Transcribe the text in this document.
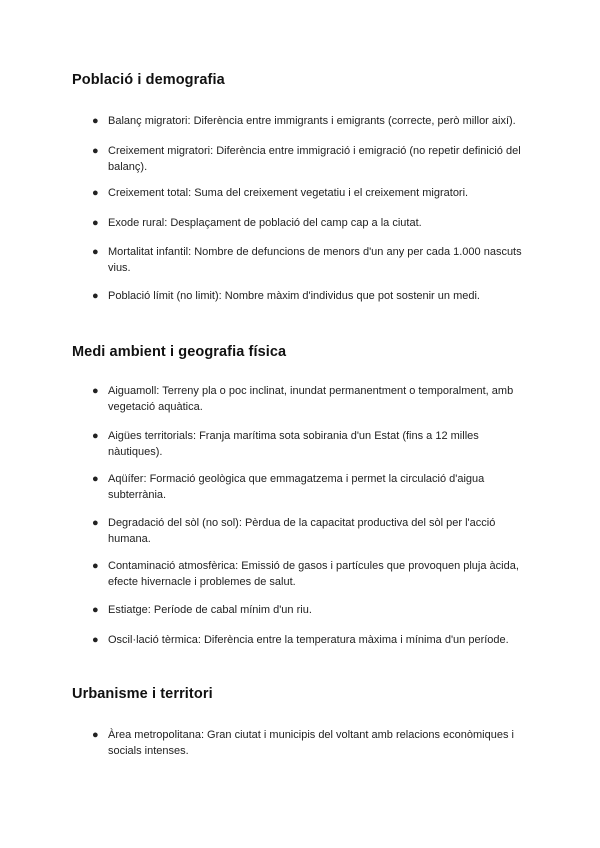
Població i demografia
● Balanç migratori: Diferència entre immigrants i emigrants (correcte, però millor així).
● Creixement migratori: Diferència entre immigració i emigració (no repetir definició del balanç).
● Creixement total: Suma del creixement vegetatiu i el creixement migratori.
● Exode rural: Desplaçament de població del camp cap a la ciutat.
● Mortalitat infantil: Nombre de defuncions de menors d'un any per cada 1.000 nascuts vius.
● Població límit (no limit): Nombre màxim d'individus que pot sostenir un medi.
Medi ambient i geografia física
● Aiguamoll: Terreny pla o poc inclinat, inundat permanentment o temporalment, amb vegetació aquàtica.
● Aigües territorials: Franja marítima sota sobirania d'un Estat (fins a 12 milles nàutiques).
● Aqüífer: Formació geològica que emmagatzema i permet la circulació d'aigua subterrània.
● Degradació del sòl (no sol): Pèrdua de la capacitat productiva del sòl per l'acció humana.
● Contaminació atmosfèrica: Emissió de gasos i partícules que provoquen pluja àcida, efecte hivernacle i problemes de salut.
● Estiatge: Període de cabal mínim d'un riu.
● Oscil·lació tèrmica: Diferència entre la temperatura màxima i mínima d'un període.
Urbanisme i territori
● Àrea metropolitana: Gran ciutat i municipis del voltant amb relacions econòmiques i socials intenses.
